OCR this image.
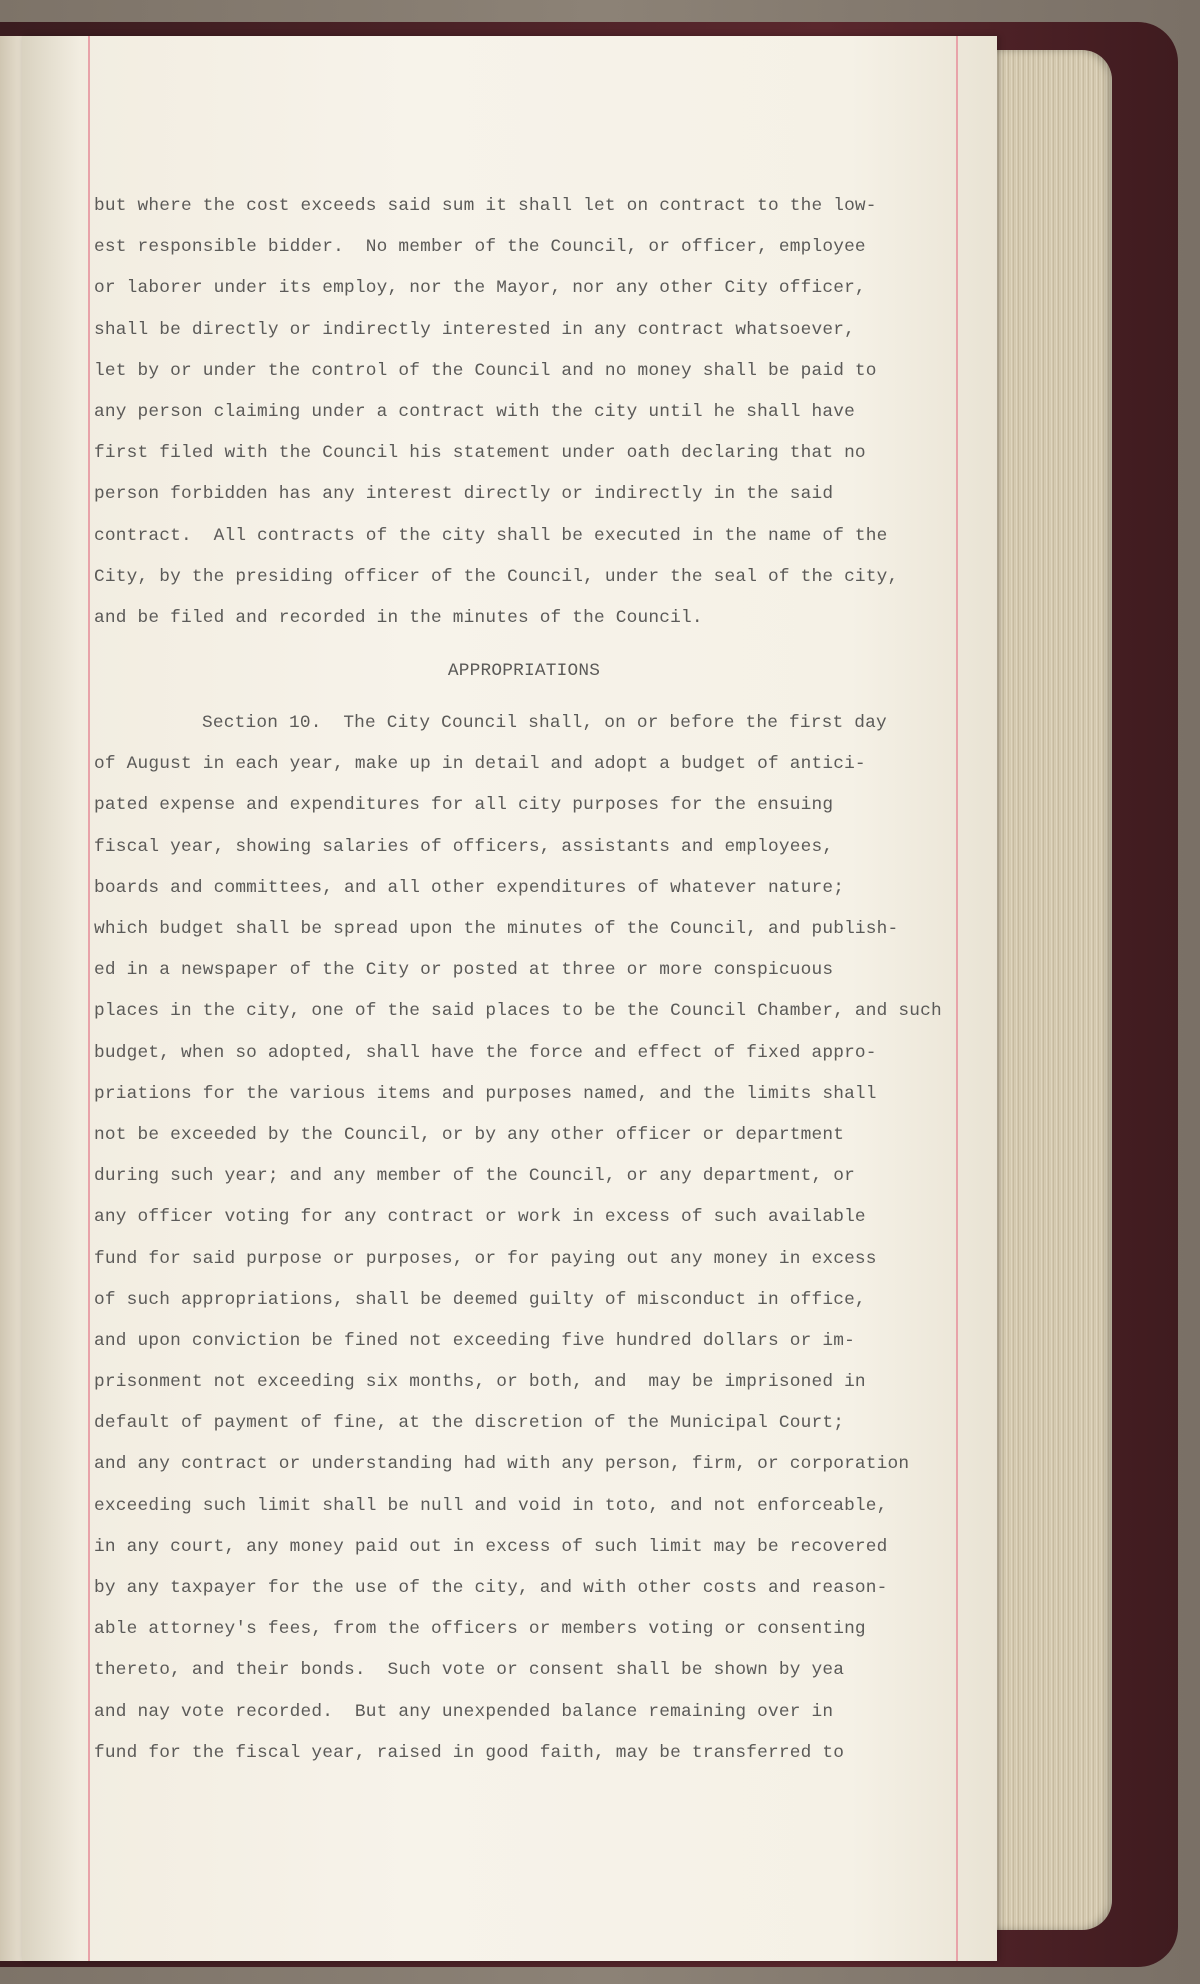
but where the cost exceeds said sum it shall let on contract to the low-
est responsible bidder.  No member of the Council, or officer, employee
or laborer under its employ, nor the Mayor, nor any other City officer,
shall be directly or indirectly interested in any contract whatsoever,
let by or under the control of the Council and no money shall be paid to
any person claiming under a contract with the city until he shall have
first filed with the Council his statement under oath declaring that no
person forbidden has any interest directly or indirectly in the said
contract.  All contracts of the city shall be executed in the name of the
City, by the presiding officer of the Council, under the seal of the city,
and be filed and recorded in the minutes of the Council.
APPROPRIATIONS
Section 10.  The City Council shall, on or before the first day
of August in each year, make up in detail and adopt a budget of antici-
pated expense and expenditures for all city purposes for the ensuing
fiscal year, showing salaries of officers, assistants and employees,
boards and committees, and all other expenditures of whatever nature;
which budget shall be spread upon the minutes of the Council, and publish-
ed in a newspaper of the City or posted at three or more conspicuous
places in the city, one of the said places to be the Council Chamber, and such
budget, when so adopted, shall have the force and effect of fixed appro-
priations for the various items and purposes named, and the limits shall
not be exceeded by the Council, or by any other officer or department
during such year; and any member of the Council, or any department, or
any officer voting for any contract or work in excess of such available
fund for said purpose or purposes, or for paying out any money in excess
of such appropriations, shall be deemed guilty of misconduct in office,
and upon conviction be fined not exceeding five hundred dollars or im-
prisonment not exceeding six months, or both, and  may be imprisoned in
default of payment of fine, at the discretion of the Municipal Court;
and any contract or understanding had with any person, firm, or corporation
exceeding such limit shall be null and void in toto, and not enforceable,
in any court, any money paid out in excess of such limit may be recovered
by any taxpayer for the use of the city, and with other costs and reason-
able attorney's fees, from the officers or members voting or consenting
thereto, and their bonds.  Such vote or consent shall be shown by yea
and nay vote recorded.  But any unexpended balance remaining over in
fund for the fiscal year, raised in good faith, may be transferred to
